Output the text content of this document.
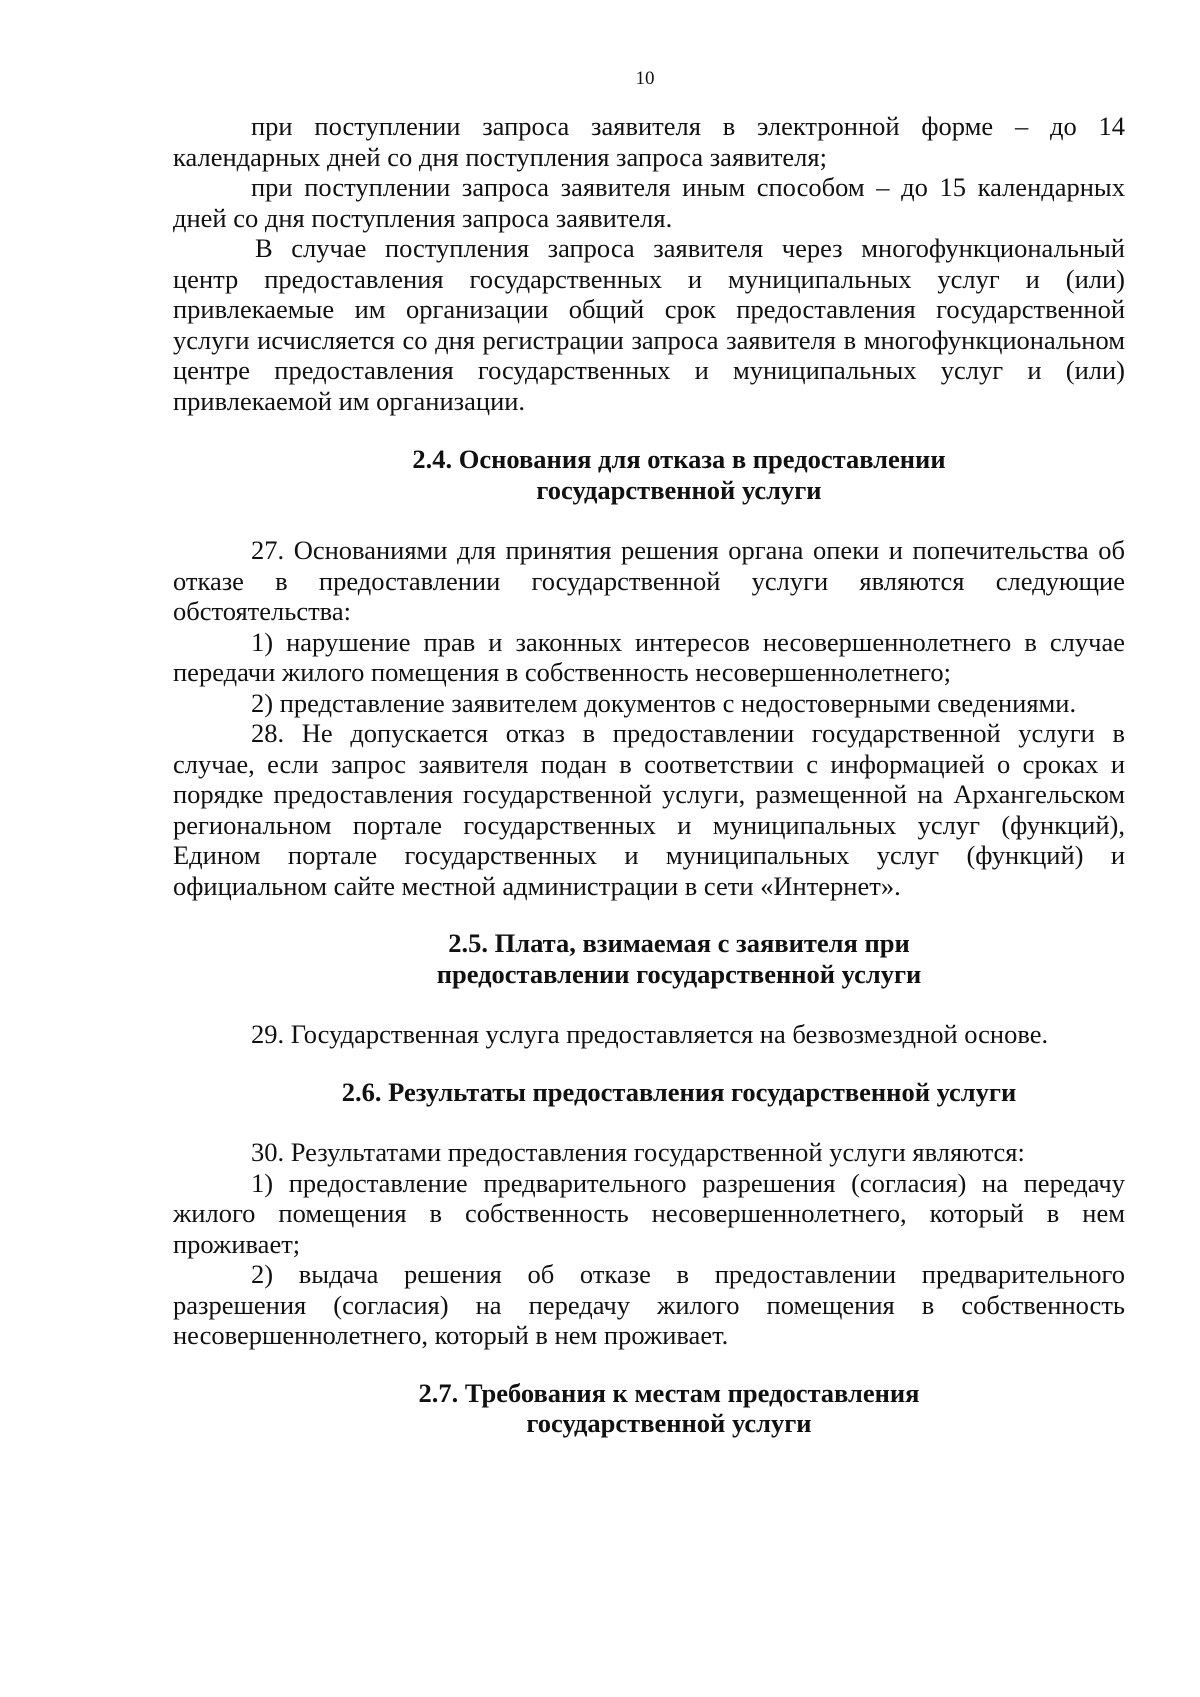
10

при поступлении запроса заявителя в электронной форме – до 14 календарных дней со дня поступления запроса заявителя;

при поступлении запроса заявителя иным способом – до 15 календарных дней со дня поступления запроса заявителя.

В случае поступления запроса заявителя через многофункциональный центр предоставления государственных и муниципальных услуг и (или) привлекаемые им организации общий срок предоставления государственной услуги исчисляется со дня регистрации запроса заявителя в многофункциональном центре предоставления государственных и муниципальных услуг и (или) привлекаемой им организации.

2.4. Основания для отказа в предоставлении
государственной услуги

27. Основаниями для принятия решения органа опеки и попечительства об отказе в предоставлении государственной услуги являются следующие обстоятельства:

1) нарушение прав и законных интересов несовершеннолетнего в случае передачи жилого помещения в собственность несовершеннолетнего;

2) представление заявителем документов с недостоверными сведениями.

28. Не допускается отказ в предоставлении государственной услуги в случае, если запрос заявителя подан в соответствии с информацией о сроках и порядке предоставления государственной услуги, размещенной на Архангельском региональном портале государственных и муниципальных услуг (функций), Едином портале государственных и муниципальных услуг (функций) и официальном сайте местной администрации в сети «Интернет».

2.5. Плата, взимаемая с заявителя при
предоставлении государственной услуги

29. Государственная услуга предоставляется на безвозмездной основе.

2.6. Результаты предоставления государственной услуги

30. Результатами предоставления государственной услуги являются:

1) предоставление предварительного разрешения (согласия) на передачу жилого помещения в собственность несовершеннолетнего, который в нем проживает;

2) выдача решения об отказе в предоставлении предварительного разрешения (согласия) на передачу жилого помещения в собственность несовершеннолетнего, который в нем проживает.

2.7. Требования к местам предоставления
государственной услуги
